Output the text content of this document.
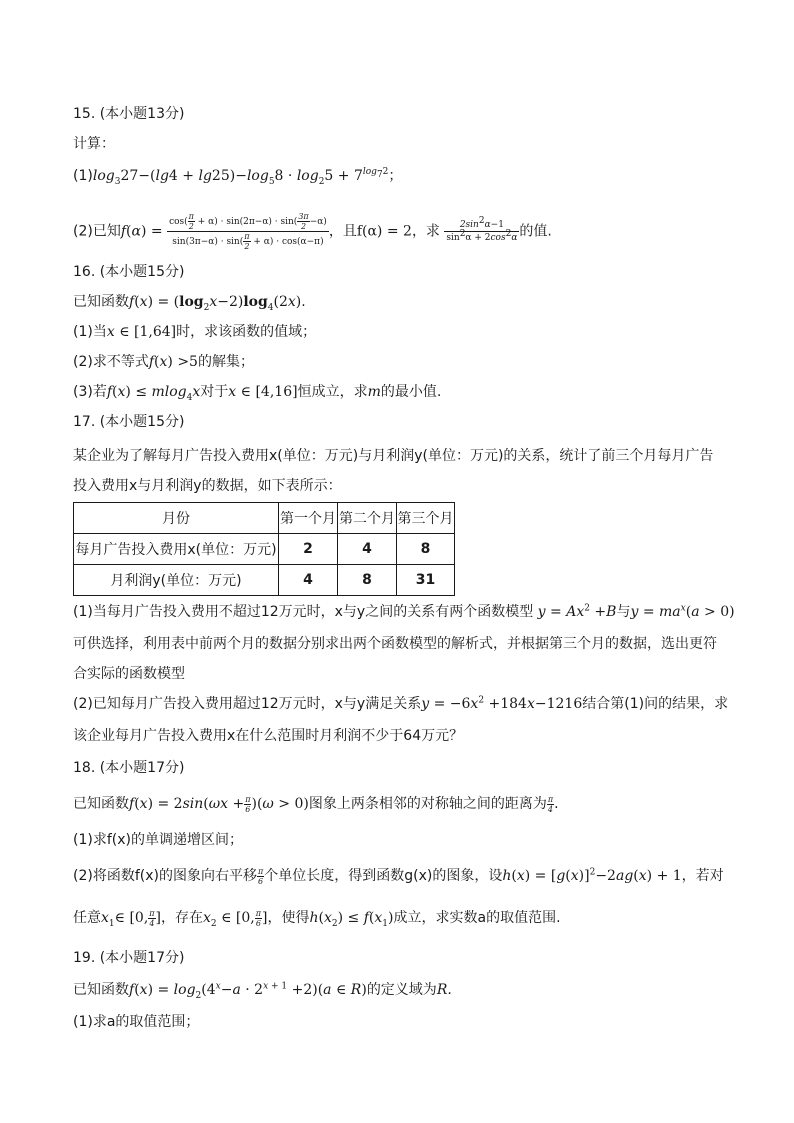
15. (本小题13分)
计算：
$(1)\log_327-(\lg 4 + \lg 25)-\log_58 \cdot \log_25 + 7^{log_72}$；
(2)已知$f(\alpha) = \frac{\cos( \frac{\pi}{2} + \alpha) \cdot \sin(2\pi-\alpha) \cdot \sin( \frac{3\pi}{2} -\alpha)}{\sin(3\pi-\alpha) \cdot \sin( \frac{\pi}{2} + \alpha) \cdot \cos(\alpha-\pi)}$ ，且f(α) = 2，求 $\frac{2\sin^2\alpha-1}{\sin^2\alpha + 2\cos^2\alpha}$ 的值.
16. (本小题15分)
已知函数$f(x) = (\log_2x-2)\log_4(2x)$.
(1)当x ∈ [1,64]时，求该函数的值域；
(2)求不等式f(x) >5的解集；
(3)若f(x) ≤ mlog$_4$x对于x ∈ [4,16]恒成立，求m的最小值.
17. (本小题15分)
某企业为了解每月广告投入费用x(单位：万元)与月利润y(单位：万元)的关系，统计了前三个月每月广告
投入费用x与月利润y的数据，如下表所示：
月份	第一个月	第二个月	第三个月
每月广告投入费用x(单位：万元)	2	4	8
月利润y(单位：万元)	4	8	31
(1)当每月广告投入费用不超过12万元时，x与y之间的关系有两个函数模型 $y = Ax^2 +B$与$y = ma^x(a > 0)$
可供选择，利用表中前两个月的数据分别求出两个函数模型的解析式，并根据第三个月的数据，选出更符
合实际的函数模型
(2)已知每月广告投入费用超过12万元时，x与y满足关系$y = -6x^2 +184x-1216$结合第(1)问的结果，求
该企业每月广告投入费用x在什么范围时月利润不少于64万元？
18. (本小题17分)
已知函数$f(x) = 2\sin(\omega x + \frac{\pi}{6} )(\omega > 0)$图象上两条相邻的对称轴之间的距离为 $\frac{\pi}{4}$ .
(1)求f(x)的单调递增区间；
(2)将函数f(x)的图象向右平移 $\frac{\pi}{6}$ 个单位长度，得到函数g(x)的图象，设$h(x) = [g(x)]^2-2ag(x) + 1$，若对
任意$x_1\in$ [0, $\frac{\pi}{4}$ ]，存在$x_2$ ∈ [0, $\frac{\pi}{6}$ ]，使得$h(x_2) \le f(x_1)$成立，求实数a的取值范围.
19. (本小题17分)
已知函数$f(x) = \log_2(4^x-a \cdot 2^{x + 1} +2)(a$ ∈ R)的定义域为R.
(1)求a的取值范围；
